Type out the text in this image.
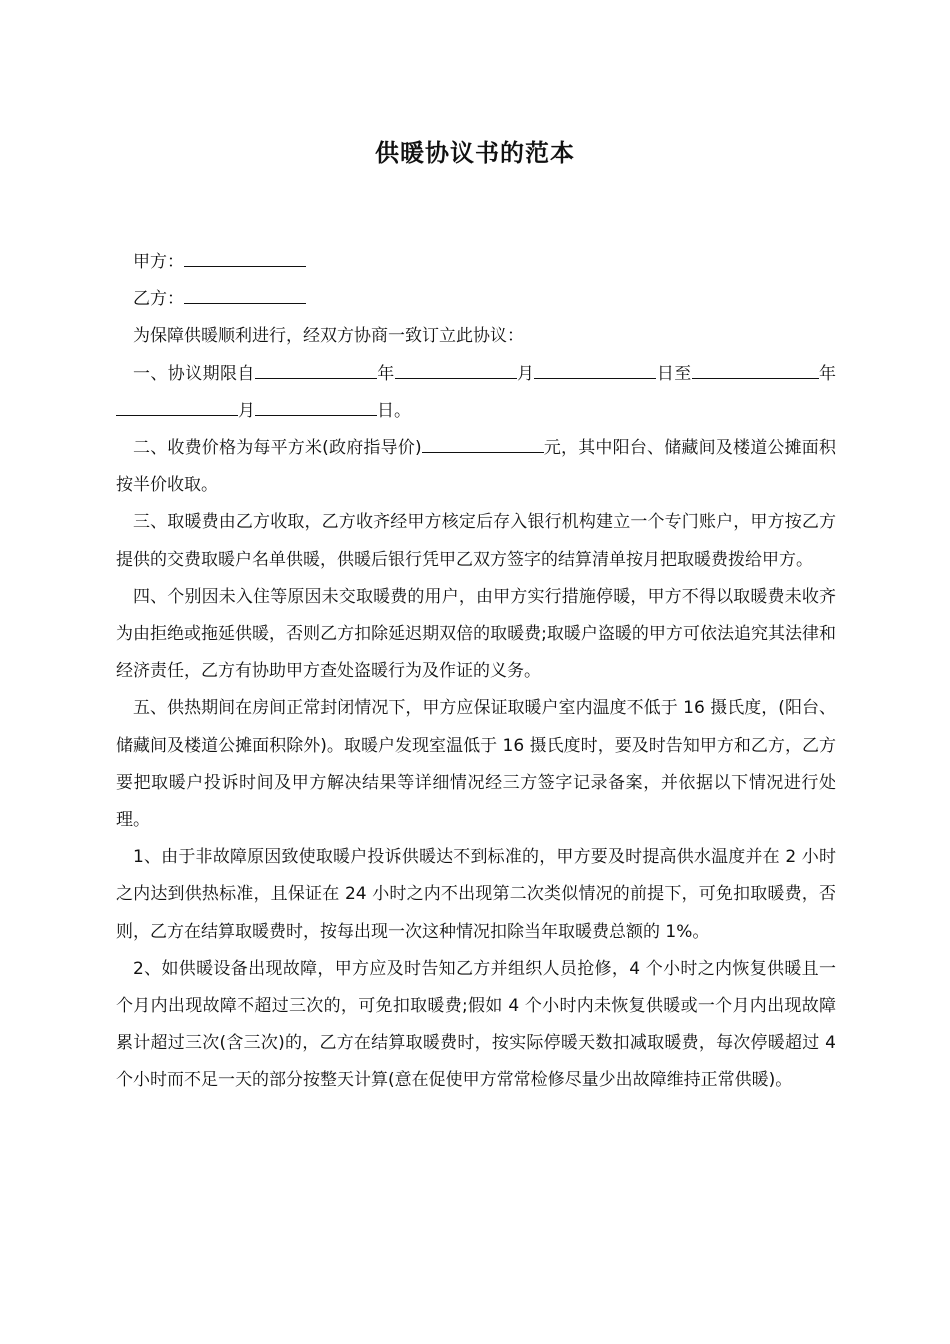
供暖协议书的范本

甲方：

乙方：

为保障供暖顺利进行，经双方协商一致订立此协议：

一、协议期限自	年	月	日至	年月	日。

二、收费价格为每平方米(政府指导价)	元，其中阳台、储藏间及楼道公摊面积按半价收取。

三、取暖费由乙方收取，乙方收齐经甲方核定后存入银行机构建立一个专门账户，甲方按乙方提供的交费取暖户名单供暖，供暖后银行凭甲乙双方签字的结算清单按月把取暖费拨给甲方。

四、个别因未入住等原因未交取暖费的用户，由甲方实行措施停暖，甲方不得以取暖费未收齐为由拒绝或拖延供暖，否则乙方扣除延迟期双倍的取暖费;取暖户盗暖的甲方可依法追究其法律和经济责任，乙方有协助甲方查处盗暖行为及作证的义务。

五、供热期间在房间正常封闭情况下，甲方应保证取暖户室内温度不低于 16 摄氏度，(阳台、储藏间及楼道公摊面积除外)。取暖户发现室温低于 16 摄氏度时，要及时告知甲方和乙方，乙方要把取暖户投诉时间及甲方解决结果等详细情况经三方签字记录备案，并依据以下情况进行处理。

1、由于非故障原因致使取暖户投诉供暖达不到标准的，甲方要及时提高供水温度并在 2 小时之内达到供热标准，且保证在 24 小时之内不出现第二次类似情况的前提下，可免扣取暖费，否则，乙方在结算取暖费时，按每出现一次这种情况扣除当年取暖费总额的 1%。

2、如供暖设备出现故障，甲方应及时告知乙方并组织人员抢修，4 个小时之内恢复供暖且一个月内出现故障不超过三次的，可免扣取暖费;假如 4 个小时内未恢复供暖或一个月内出现故障累计超过三次(含三次)的，乙方在结算取暖费时，按实际停暖天数扣减取暖费，每次停暖超过 4 个小时而不足一天的部分按整天计算(意在促使甲方常常检修尽量少出故障维持正常供暖)。
